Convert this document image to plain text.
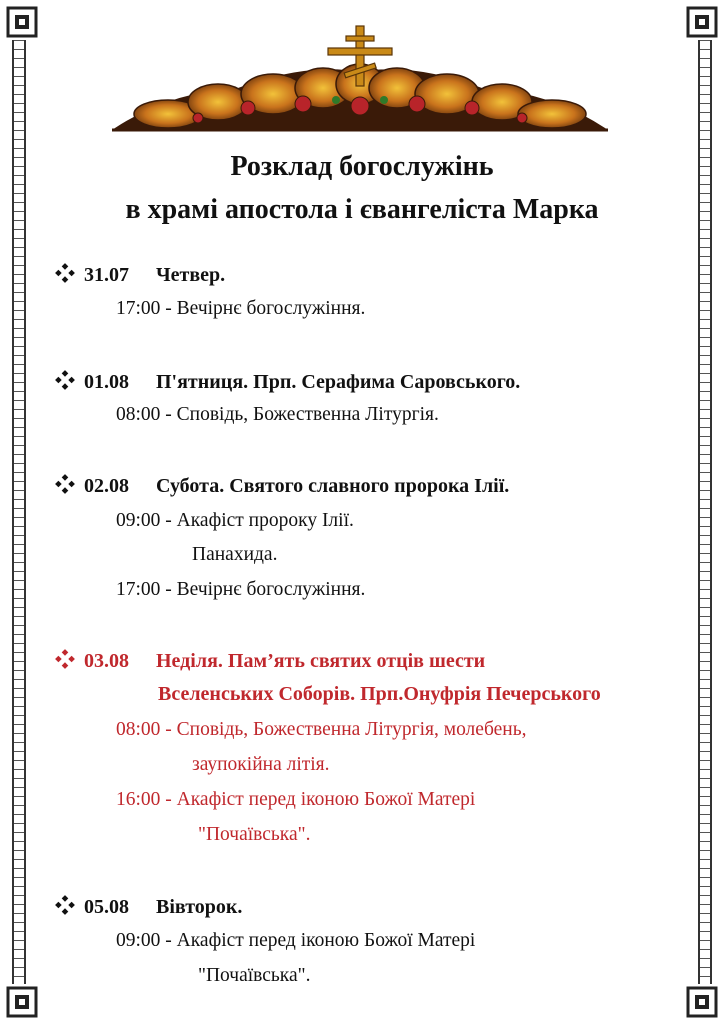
Розклад богослужінь
в храмі апостола і євангеліста Марка
31.07 Четвер.
17:00 - Вечірнє богослужіння.
01.08 П'ятниця. Прп. Серафима Саровського.
08:00 - Сповідь, Божественна Літургія.
02.08 Субота. Святого славного пророка Ілії.
09:00 - Акафіст пророку Ілії.
Панахида.
17:00 - Вечірнє богослужіння.
03.08 Неділя. Пам’ять святих отців шести
Вселенських Соборів. Прп.Онуфрія Печерського
08:00 - Сповідь, Божественна Літургія, молебень,
заупокійна лiтiя.
16:00 - Акафіст перед іконою Божої Матері
"Почаївська".
05.08 Вівторок.
09:00 - Акафіст перед іконою Божої Матері
"Почаївська".
